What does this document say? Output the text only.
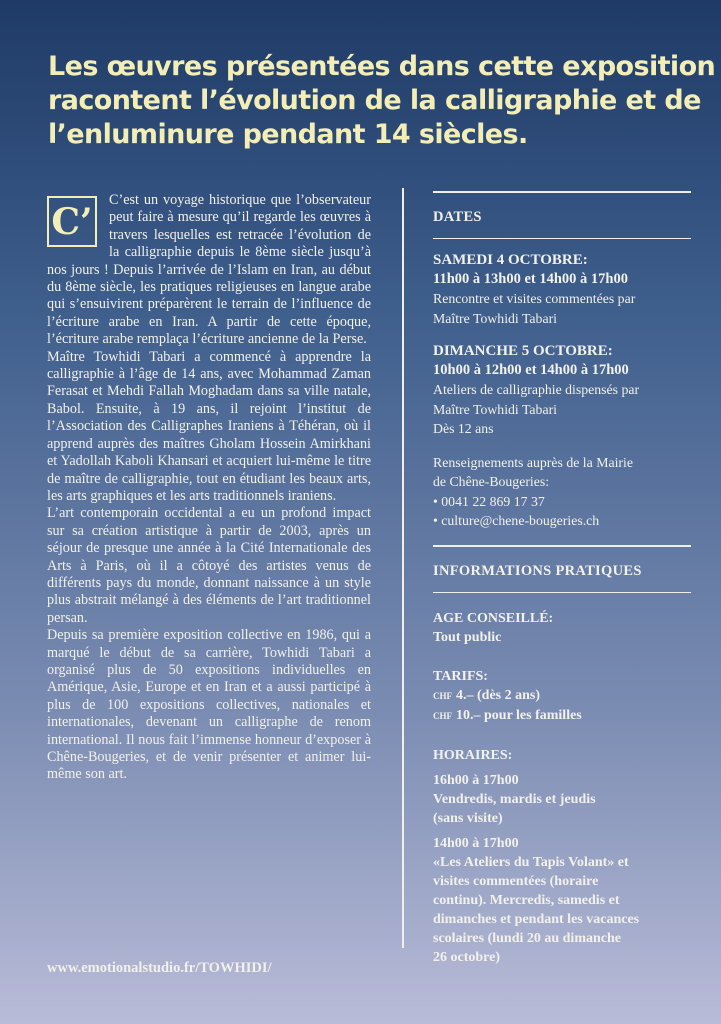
Les œuvres présentées dans cette exposition
racontent l’évolution de la calligraphie et de
l’enluminure pendant 14 siècles.
C’

C’est un voyage historique que l’observateur peut faire à mesure qu’il regarde les œuvres à travers lesquelles est retracée l’évolution de la calligraphie depuis le 8ème siècle jusqu’à nos jours ! Depuis l’arrivée de l’Islam en Iran, au début du 8ème siècle, les pratiques religieuses en langue arabe qui s’ensuivirent préparèrent le terrain de l’influence de l’écriture arabe en Iran. A partir de cette époque, l’écriture arabe remplaça l’écriture ancienne de la Perse.

Maître Towhidi Tabari a commencé à apprendre la calligraphie à l’âge de 14 ans, avec Mohammad Zaman Ferasat et Mehdi Fallah Moghadam dans sa ville natale, Babol. Ensuite, à 19 ans, il rejoint l’institut de l’Association des Calligraphes Iraniens à Téhéran, où il apprend auprès des maîtres Gholam Hossein Amirkhani et Yadollah Kaboli Khansari et acquiert lui-même le titre de maître de calligraphie, tout en étudiant les beaux arts, les arts graphiques et les arts traditionnels iraniens.

L’art contemporain occidental a eu un profond impact sur sa création artistique à partir de 2003, après un séjour de presque une année à la Cité Internationale des Arts à Paris, où il a côtoyé des artistes venus de différents pays du monde, donnant naissance à un style plus abstrait mélangé à des éléments de l’art traditionnel persan.

Depuis sa première exposition collective en 1986, qui a marqué le début de sa carrière, Towhidi Tabari a organisé plus de 50 expositions individuelles en Amérique, Asie, Europe et en Iran et a aussi participé à plus de 100 expositions collectives, nationales et internationales, devenant un calligraphe de renom international. Il nous fait l’immense honneur d’exposer à Chêne-Bougeries, et de venir présenter et animer lui-même son art.

www.emotionalstudio.fr/TOWHIDI/
DATES
SAMEDI 4 OCTOBRE:
11h00 à 13h00 et 14h00 à 17h00
Rencontre et visites commentées par
Maître Towhidi Tabari
DIMANCHE 5 OCTOBRE:
10h00 à 12h00 et 14h00 à 17h00
Ateliers de calligraphie dispensés par
Maître Towhidi Tabari
Dès 12 ans
Renseignements auprès de la Mairie
de Chêne-Bougeries:
• 0041 22 869 17 37
• culture@chene-bougeries.ch
INFORMATIONS PRATIQUES
AGE CONSEILLÉ:
Tout public
TARIFS:
CHF 4.– (dès 2 ans)
CHF 10.– pour les familles
HORAIRES:
16h00 à 17h00
Vendredis, mardis et jeudis
(sans visite)
14h00 à 17h00
«Les Ateliers du Tapis Volant» et
visites commentées (horaire
continu). Mercredis, samedis et
dimanches et pendant les vacances
scolaires (lundi 20 au dimanche
26 octobre)
